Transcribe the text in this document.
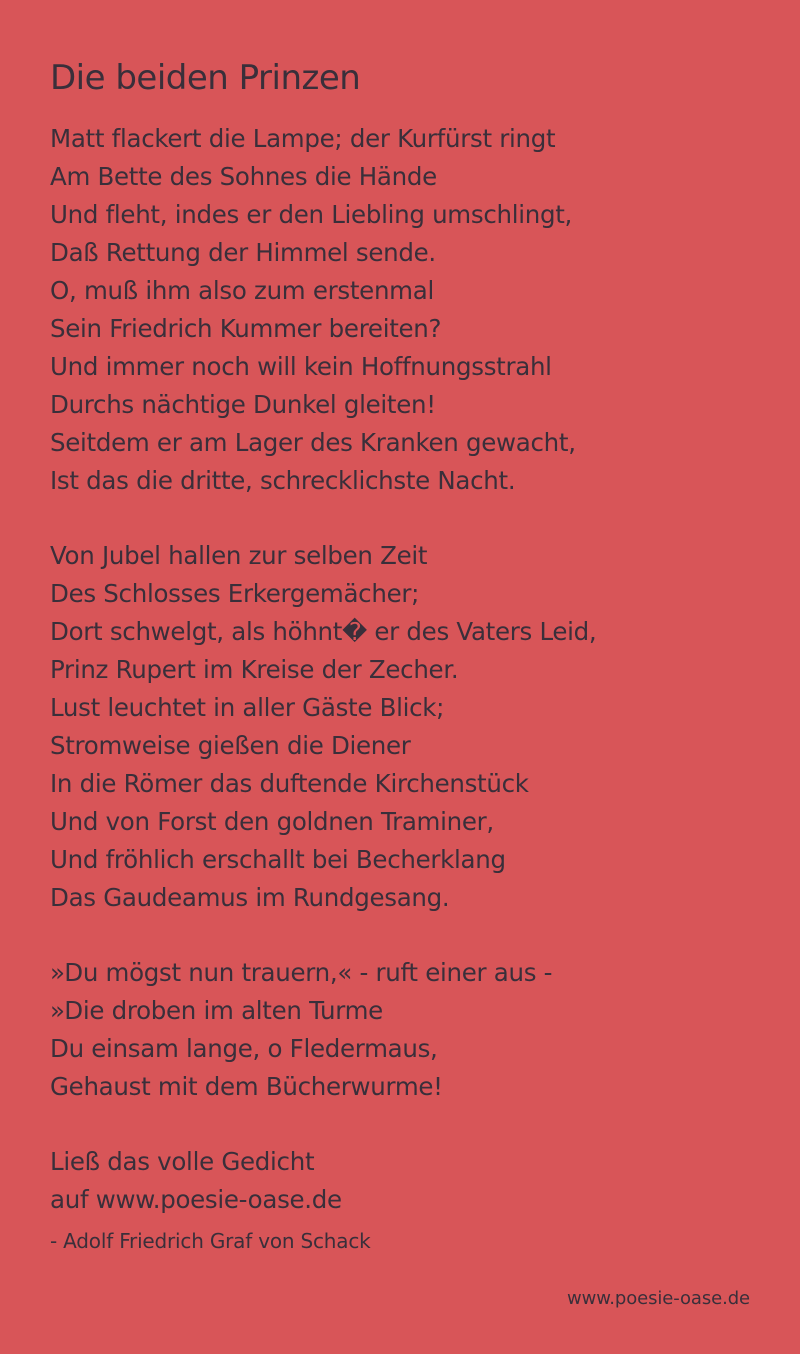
Die beiden Prinzen
Matt flackert die Lampe; der Kurfürst ringt
Am Bette des Sohnes die Hände
Und fleht, indes er den Liebling umschlingt,
Daß Rettung der Himmel sende.
O, muß ihm also zum erstenmal
Sein Friedrich Kummer bereiten?
Und immer noch will kein Hoffnungsstrahl
Durchs nächtige Dunkel gleiten!
Seitdem er am Lager des Kranken gewacht,
Ist das die dritte, schrecklichste Nacht.
Von Jubel hallen zur selben Zeit
Des Schlosses Erkergemächer;
Dort schwelgt, als höhnt� er des Vaters Leid,
Prinz Rupert im Kreise der Zecher.
Lust leuchtet in aller Gäste Blick;
Stromweise gießen die Diener
In die Römer das duftende Kirchenstück
Und von Forst den goldnen Traminer,
Und fröhlich erschallt bei Becherklang
Das Gaudeamus im Rundgesang.
»Du mögst nun trauern,« - ruft einer aus -
»Die droben im alten Turme
Du einsam lange, o Fledermaus,
Gehaust mit dem Bücherwurme!
Ließ das volle Gedicht
auf www.poesie-oase.de
- Adolf Friedrich Graf von Schack
www.poesie-oase.de
